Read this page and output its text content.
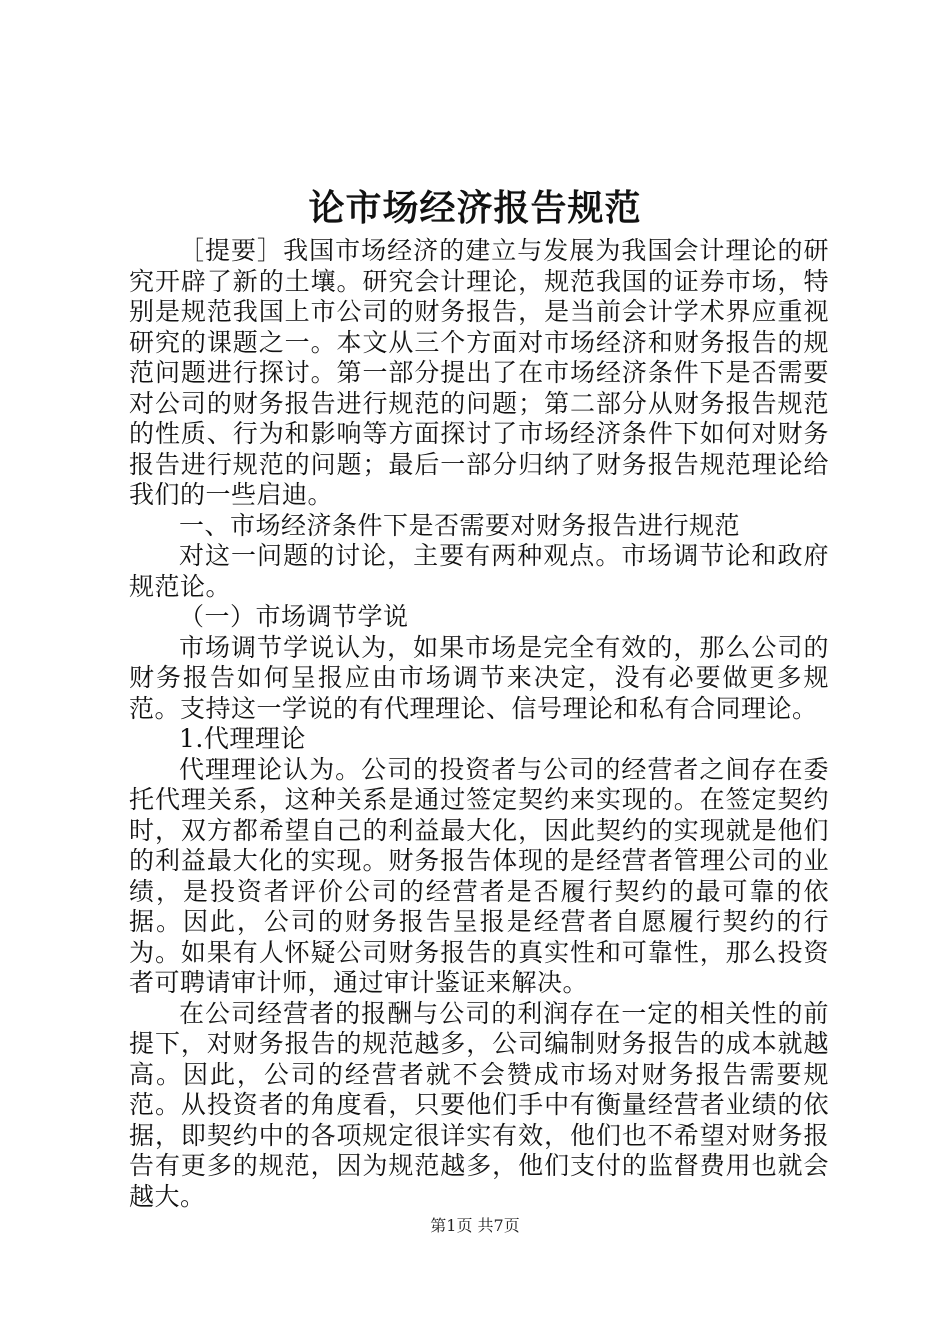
论市场经济报告规范

［提要］我国市场经济的建立与发展为我国会计理论的研究开辟了新的土壤。研究会计理论，规范我国的证券市场，特别是规范我国上市公司的财务报告，是当前会计学术界应重视研究的课题之一。本文从三个方面对市场经济和财务报告的规范问题进行探讨。第一部分提出了在市场经济条件下是否需要对公司的财务报告进行规范的问题；第二部分从财务报告规范的性质、行为和影响等方面探讨了市场经济条件下如何对财务报告进行规范的问题；最后一部分归纳了财务报告规范理论给我们的一些启迪。

一、市场经济条件下是否需要对财务报告进行规范

对这一问题的讨论，主要有两种观点。市场调节论和政府规范论。

（一）市场调节学说

市场调节学说认为，如果市场是完全有效的，那么公司的财务报告如何呈报应由市场调节来决定，没有必要做更多规范。支持这一学说的有代理理论、信号理论和私有合同理论。

1.代理理论

代理理论认为。公司的投资者与公司的经营者之间存在委托代理关系，这种关系是通过签定契约来实现的。在签定契约时，双方都希望自己的利益最大化，因此契约的实现就是他们的利益最大化的实现。财务报告体现的是经营者管理公司的业绩，是投资者评价公司的经营者是否履行契约的最可靠的依据。因此，公司的财务报告呈报是经营者自愿履行契约的行为。如果有人怀疑公司财务报告的真实性和可靠性，那么投资者可聘请审计师，通过审计鉴证来解决。

在公司经营者的报酬与公司的利润存在一定的相关性的前提下，对财务报告的规范越多，公司编制财务报告的成本就越高。因此，公司的经营者就不会赞成市场对财务报告需要规范。从投资者的角度看，只要他们手中有衡量经营者业绩的依据，即契约中的各项规定很详实有效，他们也不希望对财务报告有更多的规范，因为规范越多，他们支付的监督费用也就会越大。

第1页 共7页
